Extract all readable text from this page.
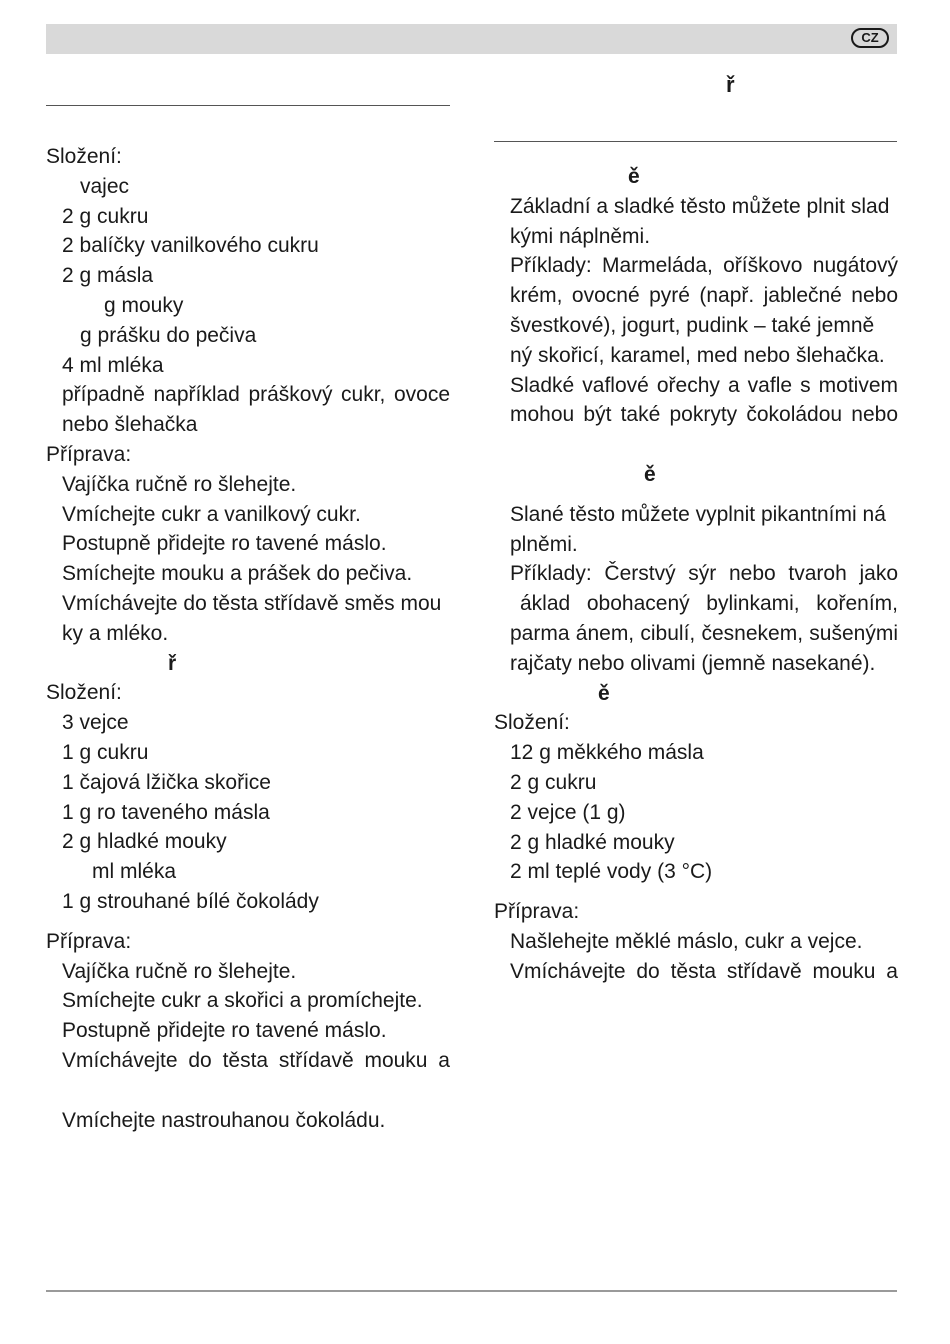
CZ
ř
Složení:
vajec
2 g cukru
2 balíčky vanilkového cukru
2 g másla
g mouky
g prášku do pečiva
4 ml mléka
případně například práškový cukr, ovoce
nebo šlehačka
Příprava:
Vajíčka ručně ro šlehejte.
Vmíchejte cukr a vanilkový cukr.
Postupně přidejte ro tavené máslo.
Smíchejte mouku a prášek do pečiva.
Vmíchávejte do těsta střídavě směs mou
ky a mléko.
ř
Složení:
3 vejce
1 g cukru
1 čajová lžička skořice
1 g ro taveného másla
2 g hladké mouky
ml mléka
1 g strouhané bílé čokolády
Příprava:
Vajíčka ručně ro šlehejte.
Smíchejte cukr a skořici a promíchejte.
Postupně přidejte ro tavené máslo.
Vmíchávejte do těsta střídavě mouku a
Vmíchejte nastrouhanou čokoládu.
ě
Základní a sladké těsto můžete plnit slad
kými náplněmi.
Příklady: Marmeláda, oříškovo nugátový
krém, ovocné pyré (např. jablečné nebo
švestkové), jogurt, pudink – také jemně
ný skořicí, karamel, med nebo šlehačka.
Sladké vaflové ořechy a vafle s motivem
mohou být také pokryty čokoládou nebo
ě
Slané těsto můžete vyplnit pikantními ná
plněmi.
Příklady: Čerstvý sýr nebo tvaroh jako
áklad obohacený bylinkami, kořením,
parma ánem, cibulí, česnekem, sušenými
rajčaty nebo olivami (jemně nasekané).
ě
Složení:
12 g měkkého másla
2 g cukru
2 vejce (1 g)
2 g hladké mouky
2 ml teplé vody (3 °C)
Příprava:
Našlehejte měklé máslo, cukr a vejce.
Vmíchávejte do těsta střídavě mouku a
